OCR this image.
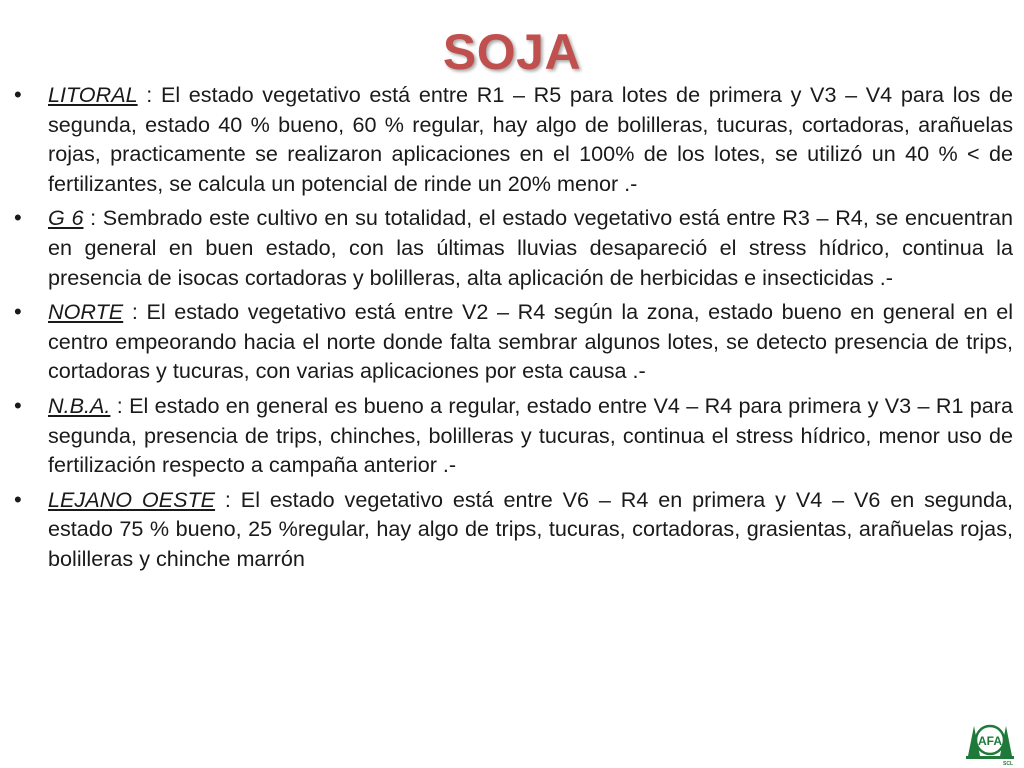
SOJA
• LITORAL : El estado vegetativo está entre R1 – R5 para lotes de primera y V3 – V4 para los de segunda, estado 40 % bueno, 60 % regular, hay algo de bolilleras, tucuras, cortadoras, arañuelas rojas, practicamente se realizaron aplicaciones en el 100% de los lotes, se utilizó un 40 % < de fertilizantes, se calcula un potencial de rinde un 20% menor .-
• G 6 : Sembrado este cultivo en su totalidad, el estado vegetativo está entre R3 – R4, se encuentran en general en buen estado, con las últimas lluvias desapareció el stress hídrico, continua la presencia de isocas cortadoras y bolilleras, alta aplicación de herbicidas e insecticidas .-
• NORTE : El estado vegetativo está entre V2 – R4 según la zona, estado bueno en general en el centro empeorando hacia el norte donde falta sembrar algunos lotes, se detecto presencia de trips, cortadoras y tucuras, con varias aplicaciones por esta causa .-
• N.B.A. : El estado en general es bueno a regular, estado entre V4 – R4 para primera y V3 – R1 para segunda, presencia de trips, chinches, bolilleras y tucuras, continua el stress hídrico, menor uso de fertilización respecto a campaña anterior .-
• LEJANO OESTE : El estado vegetativo está entre V6 – R4 en primera y V4 – V6 en segunda, estado 75 % bueno, 25 %regular, hay algo de trips, tucuras, cortadoras, grasientas, arañuelas rojas, bolilleras y chinche marrón
AFA
SCL
